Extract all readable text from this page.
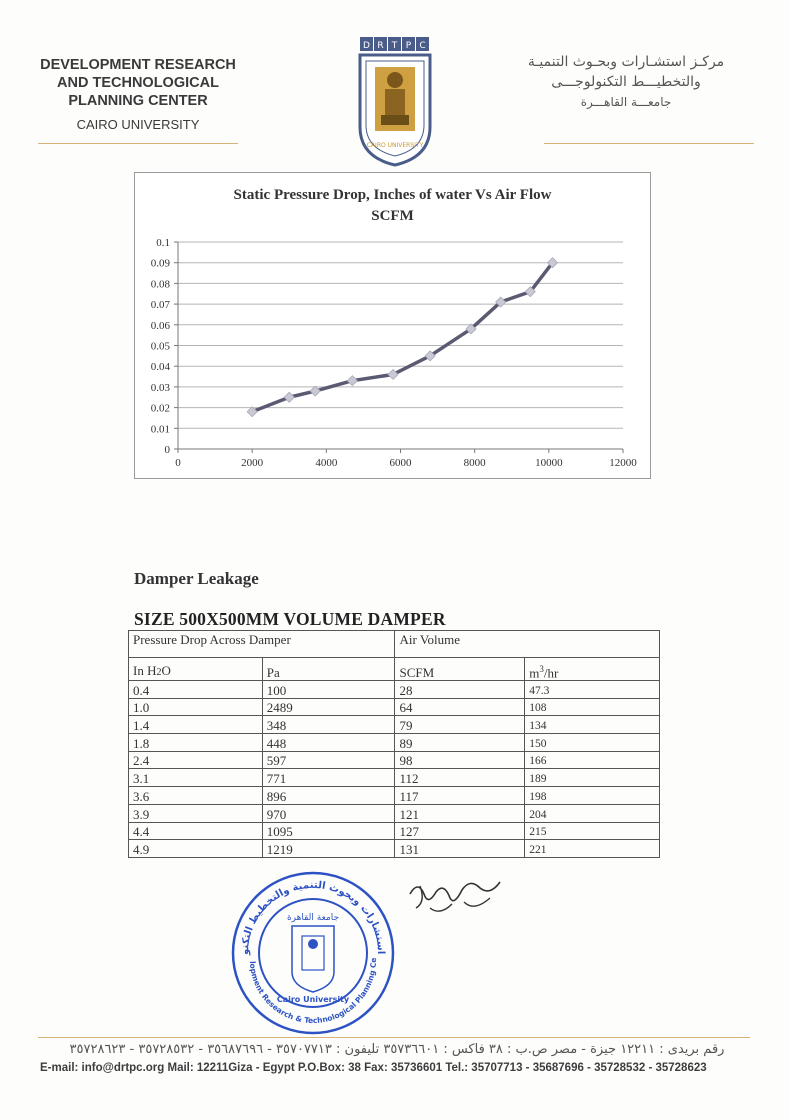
DEVELOPMENT RESEARCH
AND TECHNOLOGICAL
PLANNING CENTER
CAIRO UNIVERSITY
D R T P C
CAIRO UNIVERSITY
مركـز استشـارات وبحـوث التنميـة
والتخطيـــط التكنولوجـــى
جامعـــة القاهـــرة
0
0.01
0.02
0.03
0.04
0.05
0.06
0.07
0.08
0.09
0.1
0	2000	4000	6000	8000	10000	12000
Static Pressure Drop, Inches of water Vs Air Flow
SCFM
Damper Leakage
SIZE 500X500MM VOLUME DAMPER
Pressure Drop Across Damper		Air Volume	
In H2O	Pa	SCFM	$m^3/hr$
0.4	100	28	47.3
1.0	2489	64	108
1.4	348	79	134
1.8	448	89	150
2.4	597	98	166
3.1	771	112	189
3.6	896	117	198
3.9	970	121	204
4.4	1095	127	215
4.9	1219	131	221
استشارات وبحوث التنمية والتخطيط التكنو
lopment Research & Technological Planning Ce
جامعة القاهرة
Cairo University
رقم بريدى : ١٢٢١١ جيزة - مصر ص.ب : ٣٨ فاكس : ٣٥٧٣٦٦٠١ تليفون : ٣٥٧٠٧٧١٣ - ٣٥٦٨٧٦٩٦ - ٣٥٧٢٨٥٣٢ - ٣٥٧٢٨٦٢٣
E-mail: info@drtpc.org Mail: 12211Giza - Egypt P.O.Box: 38 Fax: 35736601 Tel.: 35707713 - 35687696 - 35728532 - 35728623
